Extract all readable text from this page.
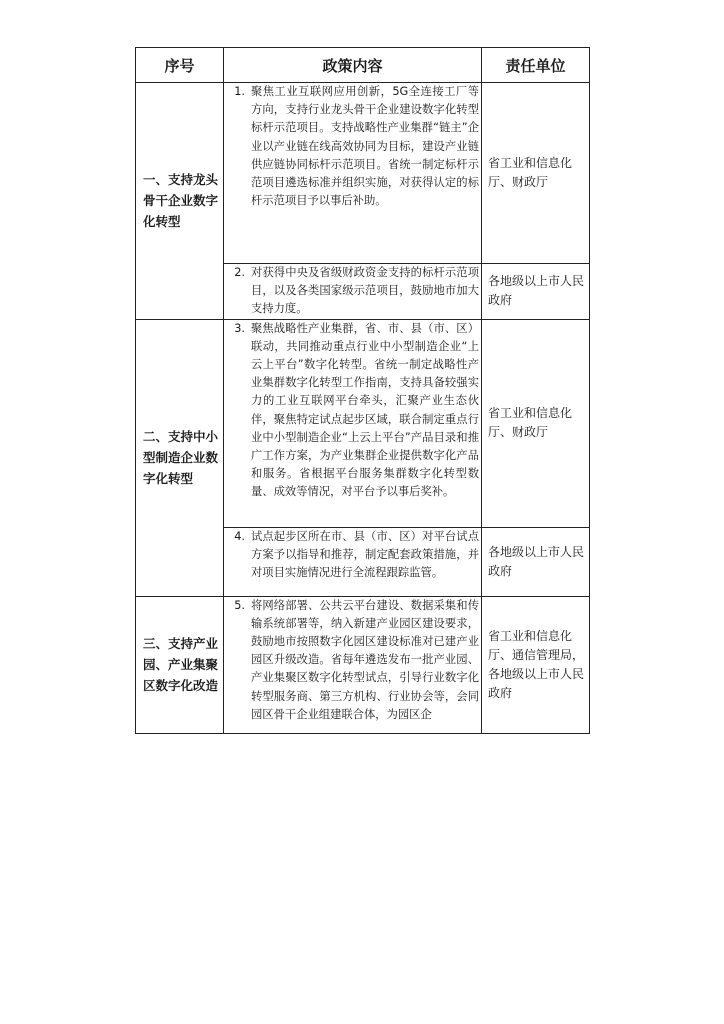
序号	政策内容	责任单位
一、支持龙头骨干企业数字化转型	1. 聚焦工业互联网应用创新，5G全连接工厂等方向，支持行业龙头骨干企业建设数字化转型标杆示范项目。支持战略性产业集群“链主”企业以产业链在线高效协同为目标，建设产业链供应链协同标杆示范项目。省统一制定标杆示范项目遴选标准并组织实施，对获得认定的标杆示范项目予以事后补助。	省工业和信息化厅、财政厅

	2. 对获得中央及省级财政资金支持的标杆示范项目，以及各类国家级示范项目，鼓励地市加大支持力度。	各地级以上市人民政府
二、支持中小型制造企业数字化转型	3. 聚焦战略性产业集群，省、市、县（市、区）联动，共同推动重点行业中小型制造企业“上云上平台”数字化转型。省统一制定战略性产业集群数字化转型工作指南，支持具备较强实力的工业互联网平台牵头，汇聚产业生态伙伴，聚焦特定试点起步区域，联合制定重点行业中小型制造企业“上云上平台”产品目录和推广工作方案，为产业集群企业提供数字化产品和服务。省根据平台服务集群数字化转型数量、成效等情况，对平台予以事后奖补。	省工业和信息化厅、财政厅

	4. 试点起步区所在市、县（市、区）对平台试点方案予以指导和推荐，制定配套政策措施，并对项目实施情况进行全流程跟踪监管。	各地级以上市人民政府
三、支持产业园、产业集聚区数字化改造	5. 将网络部署、公共云平台建设、数据采集和传输系统部署等，纳入新建产业园区建设要求，鼓励地市按照数字化园区建设标准对已建产业园区升级改造。省每年遴选发布一批产业园、产业集聚区数字化转型试点，引导行业数字化转型服务商、第三方机构、行业协会等，会同园区骨干企业组建联合体，为园区企	省工业和信息化厅、通信管理局，各地级以上市人民政府
